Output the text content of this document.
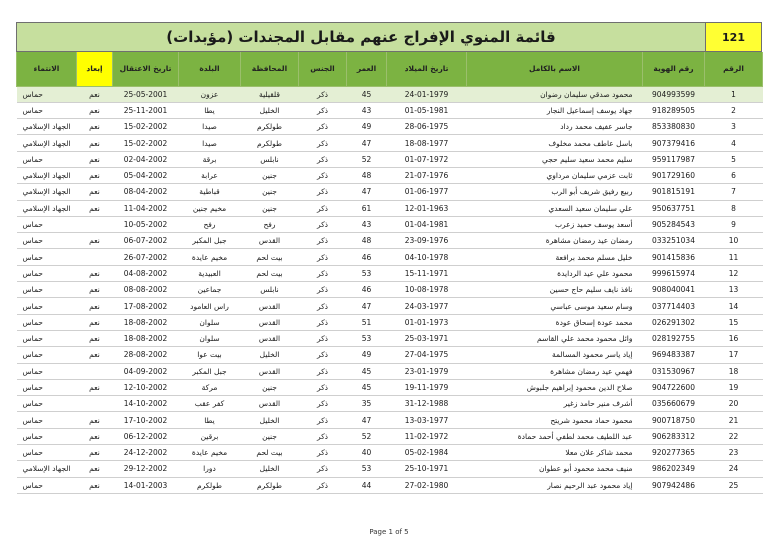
121
قائمة المنوي الإفراج عنهم مقابل المجندات (مؤبدات)
الرقم	رقم الهوية	الاسم بالكامل	تاريخ الميلاد	العمر	الجنس	المحافظة	البلدة	تاريخ الاعتقال	إبعاد	الانتماء
1	904993599	محمود صدقي سليمان رضوان	24-01-1979	45	ذكر	قلقيلية	عزون	25-05-2001	نعم	حماس
2	918289505	جهاد يوسف إسماعيل النجار	01-05-1981	43	ذكر	الخليل	يطا	25-11-2001	نعم	حماس
3	853380830	جاسر عفيف محمد رداد	28-06-1975	49	ذكر	طولكرم	صيدا	15-02-2002	نعم	الجهاد الإسلامي
4	907379416	باسل عاطف محمد مخلوف	18-08-1977	47	ذكر	طولكرم	صيدا	15-02-2002	نعم	الجهاد الإسلامي
5	959117987	سليم محمد سعيد سليم حجي	01-07-1972	52	ذكر	نابلس	برقة	02-04-2002	نعم	حماس
6	901729160	ثابت عزمي سليمان مرداوي	21-07-1976	48	ذكر	جنين	عرابة	05-04-2002	نعم	الجهاد الإسلامي
7	901815191	ربيع رفيق شريف أبو الرب	01-06-1977	47	ذكر	جنين	قباطية	08-04-2002	نعم	الجهاد الإسلامي
8	950637751	علي سليمان سعيد السعدي	12-01-1963	61	ذكر	جنين	مخيم جنين	11-04-2002	نعم	الجهاد الإسلامي
9	905284543	أسعد يوسف حميد زعرب	01-04-1981	43	ذكر	رفح	رفح	10-05-2002		حماس
10	033251034	رمضان عيد رمضان مشاهرة	23-09-1976	48	ذكر	القدس	جبل المكبر	06-07-2002	نعم	حماس
11	901415836	خليل مسلم محمد برافعة	04-10-1978	46	ذكر	بيت لحم	مخيم عايدة	26-07-2002		حماس
12	999615974	محمود علي عيد الردايدة	15-11-1971	53	ذكر	بيت لحم	العبيدية	04-08-2002	نعم	حماس
13	908040041	نافذ نايف سليم حاج حسين	10-08-1978	46	ذكر	نابلس	جماعين	08-08-2002	نعم	حماس
14	037714403	وسام سعيد موسى عباسي	24-03-1977	47	ذكر	القدس	راس العامود	17-08-2002	نعم	حماس
15	026291302	محمد عودة إسحاق عودة	01-01-1973	51	ذكر	القدس	سلوان	18-08-2002	نعم	حماس
16	028192755	وائل محمود محمد علي القاسم	25-03-1971	53	ذكر	القدس	سلوان	18-08-2002	نعم	حماس
17	969483387	إياد ياسر محمود المسالمة	27-04-1975	49	ذكر	الخليل	بيت عوا	28-08-2002	نعم	حماس
18	031530967	فهمي عيد رمضان مشاهرة	23-01-1979	45	ذكر	القدس	جبل المكبر	04-09-2002		حماس
19	904722600	صلاح الدين محمود إبراهيم جلبوش	19-11-1979	45	ذكر	جنين	مركة	12-10-2002	نعم	حماس
20	035660679	أشرف منير حامد زغير	31-12-1988	35	ذكر	القدس	كفر عقب	14-10-2002		حماس
21	900718750	محمود حماد محمود شريتح	13-03-1977	47	ذكر	الخليل	يطا	17-10-2002	نعم	حماس
22	906283312	عبد اللطيف محمد لطفي أحمد حمادة	11-02-1972	52	ذكر	جنين	برقين	06-12-2002	نعم	حماس
23	920277365	محمد شاكر علان معلا	05-02-1984	40	ذكر	بيت لحم	مخيم عايدة	24-12-2002	نعم	حماس
24	986202349	منيف محمد محمود أبو عطوان	25-10-1971	53	ذكر	الخليل	دورا	29-12-2002	نعم	الجهاد الإسلامي
25	907942486	إياد محمود عبد الرحيم نصار	27-02-1980	44	ذكر	طولكرم	طولكرم	14-01-2003	نعم	حماس
Page 1 of 5
